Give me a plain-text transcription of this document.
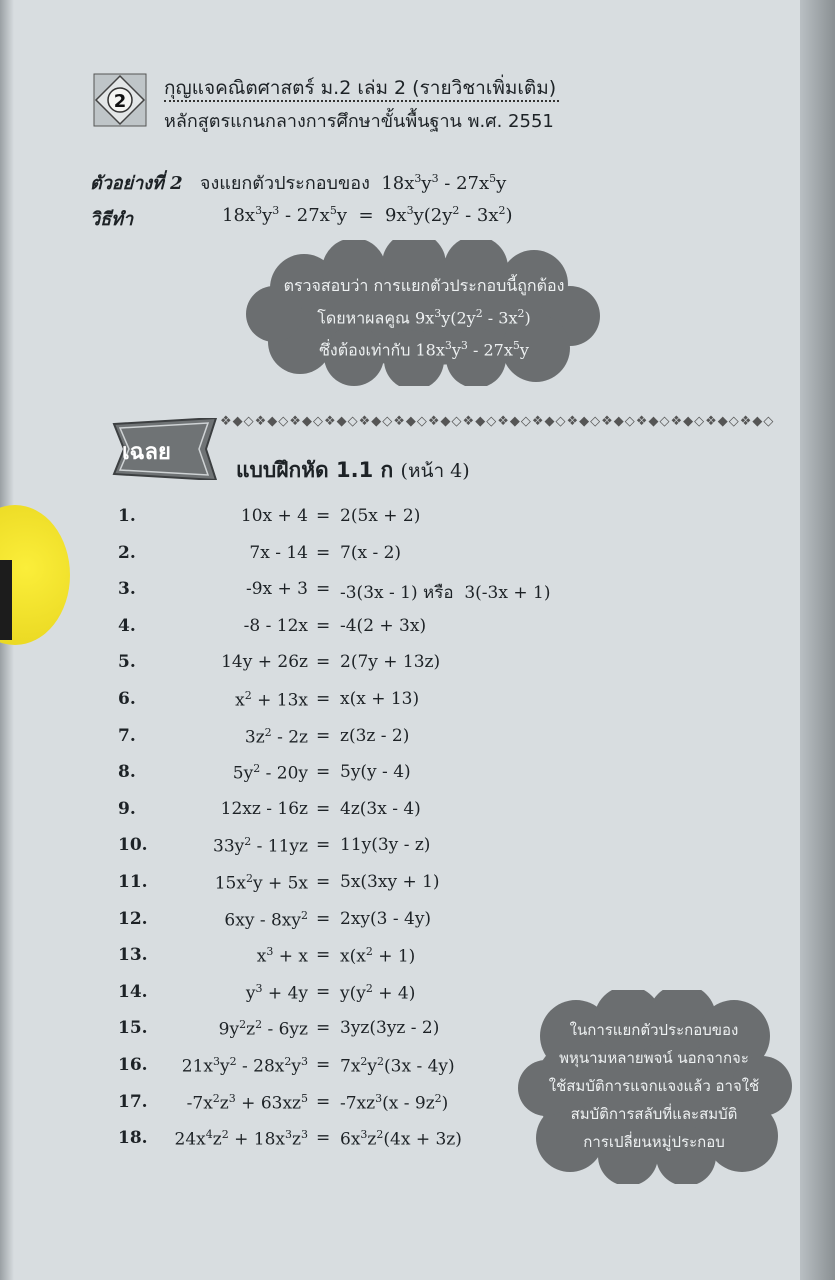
2
กุญแจคณิตศาสตร์ ม.2 เล่ม 2 (รายวิชาเพิ่มเติม)
หลักสูตรแกนกลางการศึกษาขั้นพื้นฐาน พ.ศ. 2551
ตัวอย่างที่ 2 จงแยกตัวประกอบของ $18x^3y^3 - 27x^5y$
วิธีทำ	$18x^3y^3 - 27x^5y = 9x^3y(2y^2 - 3x^2)$
ตรวจสอบว่า การแยกตัวประกอบนี้ถูกต้อง
โดยหาผลคูณ $9x^3y(2y^2 - 3x^2)$
ซึ่งต้องเท่ากับ $18x^3y^3 - 27x^5y$
เฉลย
❖◆◇❖◆◇❖◆◇❖◆◇❖◆◇❖◆◇❖◆◇❖◆◇❖◆◇❖◆◇❖◆◇❖◆◇❖◆◇❖◆◇❖◆◇❖◆◇
แบบฝึกหัด 1.1 ก (หน้า 4)
1.	10x + 4 = 2(5x + 2)
2.	7x - 14 = 7(x - 2)
3.	-9x + 3 = -3(3x - 1) หรือ  3(-3x + 1)
4.	-8 - 12x = -4(2 + 3x)
5.	14y + 26z = 2(7y + 13z)
6.	$x^2 + 13x = x(x + 13)$
7.	$3z^2 - 2z = z(3z - 2)$
8.	$5y^2 - 20y = 5y(y - 4)$
9.	12xz - 16z = 4z(3x - 4)
10.	$33y^2 - 11yz = 11y(3y - z)$
11.	$15x^2y + 5x = 5x(3xy + 1)$
12.	$6xy - 8xy^2 = 2xy(3 - 4y)$
13.	$x^3 + x = x(x^2 + 1)$
14.	$y^3 + 4y = y(y^2 + 4)$
15.	$9y^2z^2 - 6yz = 3yz(3yz - 2)$
16.	$21x^3y^2 - 28x^2y^3 = 7x^2y^2(3x - 4y)$
17.	$-7x^2z^3 + 63xz^5 = -7xz^3(x - 9z^2)$
18.	$24x^4z^2 + 18x^3z^3 = 6x^3z^2(4x + 3z)$
ในการแยกตัวประกอบของ
พหุนามหลายพจน์ นอกจากจะ
ใช้สมบัติการแจกแจงแล้ว อาจใช้
สมบัติการสลับที่และสมบัติ
การเปลี่ยนหมู่ประกอบ
